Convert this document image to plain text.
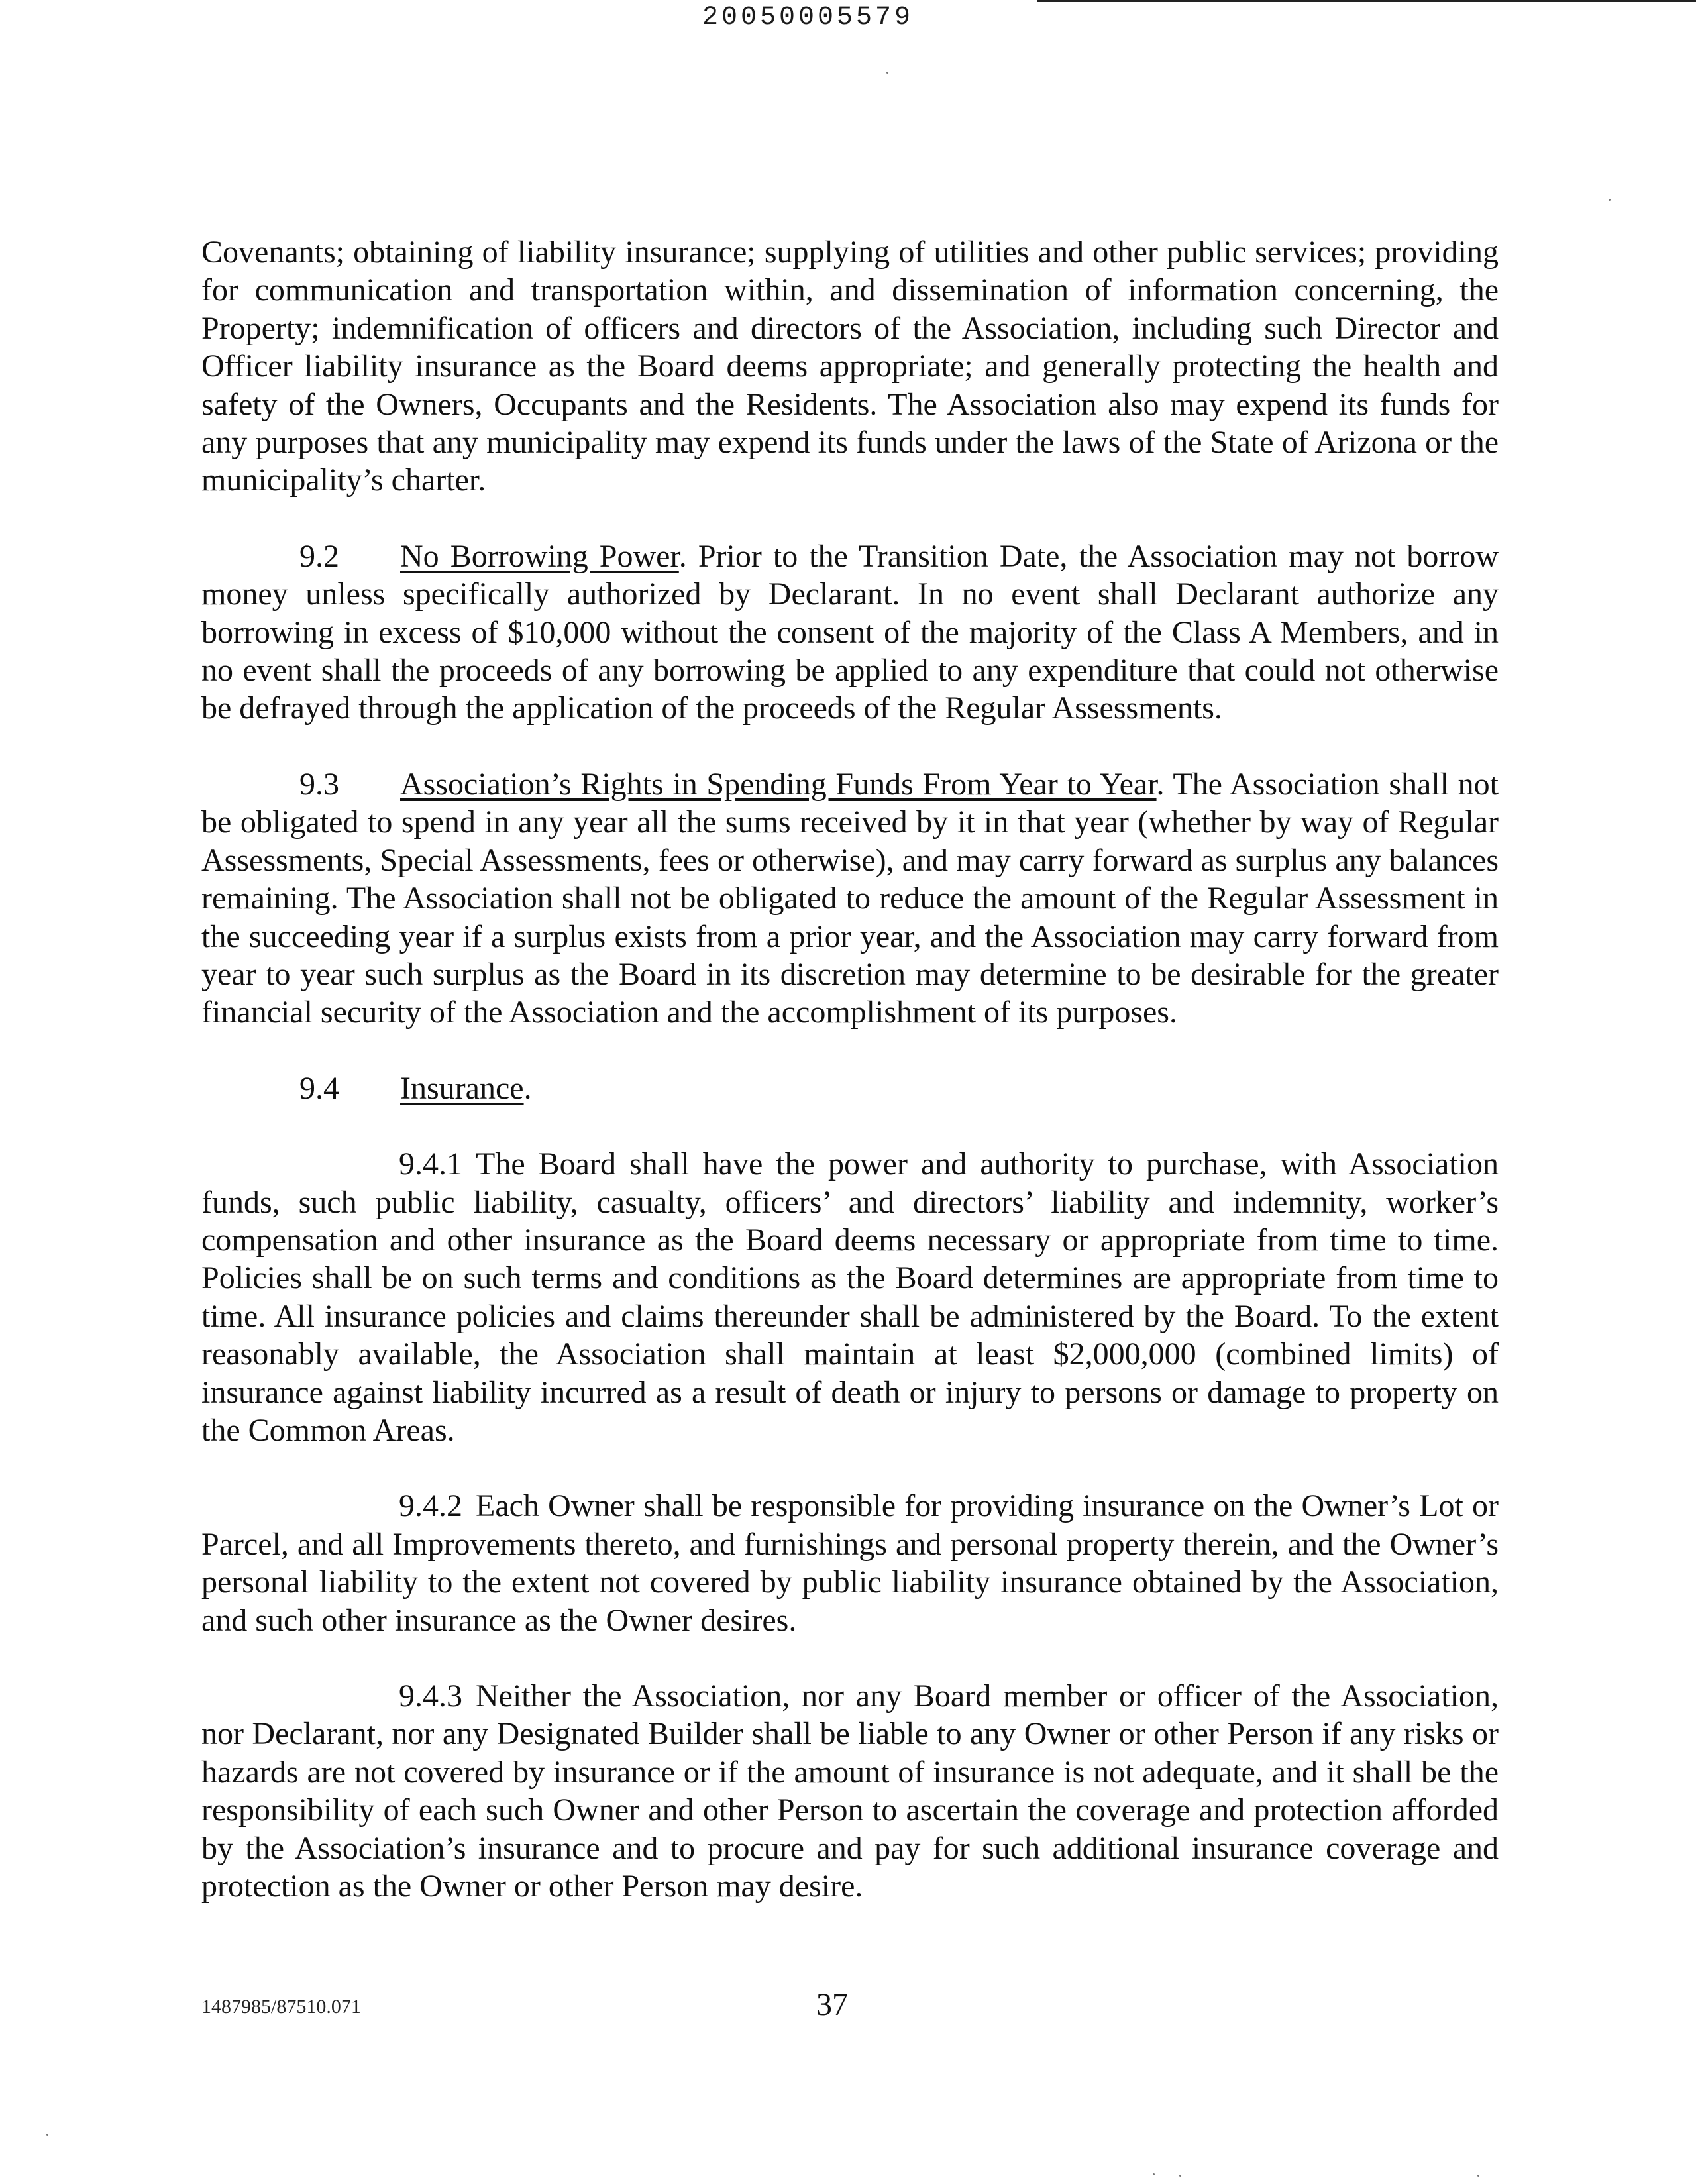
20050005579

Covenants; obtaining of liability insurance; supplying of utilities and other public services; providing for communication and transportation within, and dissemination of information concerning, the Property; indemnification of officers and directors of the Association, including such Director and Officer liability insurance as the Board deems appropriate; and generally protecting the health and safety of the Owners, Occupants and the Residents. The Association also may expend its funds for any purposes that any municipality may expend its funds under the laws of the State of Arizona or the municipality’s charter.

9.2 No Borrowing Power. Prior to the Transition Date, the Association may not borrow money unless specifically authorized by Declarant. In no event shall Declarant authorize any borrowing in excess of $10,000 without the consent of the majority of the Class A Members, and in no event shall the proceeds of any borrowing be applied to any expenditure that could not otherwise be defrayed through the application of the proceeds of the Regular Assessments.

9.3 Association’s Rights in Spending Funds From Year to Year. The Association shall not be obligated to spend in any year all the sums received by it in that year (whether by way of Regular Assessments, Special Assessments, fees or otherwise), and may carry forward as surplus any balances remaining. The Association shall not be obligated to reduce the amount of the Regular Assessment in the succeeding year if a surplus exists from a prior year, and the Association may carry forward from year to year such surplus as the Board in its discretion may determine to be desirable for the greater financial security of the Association and the accomplishment of its purposes.

9.4 Insurance.

9.4.1 The Board shall have the power and authority to purchase, with Association funds, such public liability, casualty, officers’ and directors’ liability and indemnity, worker’s compensation and other insurance as the Board deems necessary or appropriate from time to time. Policies shall be on such terms and conditions as the Board determines are appropriate from time to time. All insurance policies and claims thereunder shall be administered by the Board. To the extent reasonably available, the Association shall maintain at least $2,000,000 (combined limits) of insurance against liability incurred as a result of death or injury to persons or damage to property on the Common Areas.

9.4.2 Each Owner shall be responsible for providing insurance on the Owner’s Lot or Parcel, and all Improvements thereto, and furnishings and personal property therein, and the Owner’s personal liability to the extent not covered by public liability insurance obtained by the Association, and such other insurance as the Owner desires.

9.4.3 Neither the Association, nor any Board member or officer of the Association, nor Declarant, nor any Designated Builder shall be liable to any Owner or other Person if any risks or hazards are not covered by insurance or if the amount of insurance is not adequate, and it shall be the responsibility of each such Owner and other Person to ascertain the coverage and protection afforded by the Association’s insurance and to procure and pay for such additional insurance coverage and protection as the Owner or other Person may desire.

1487985/87510.071	37
